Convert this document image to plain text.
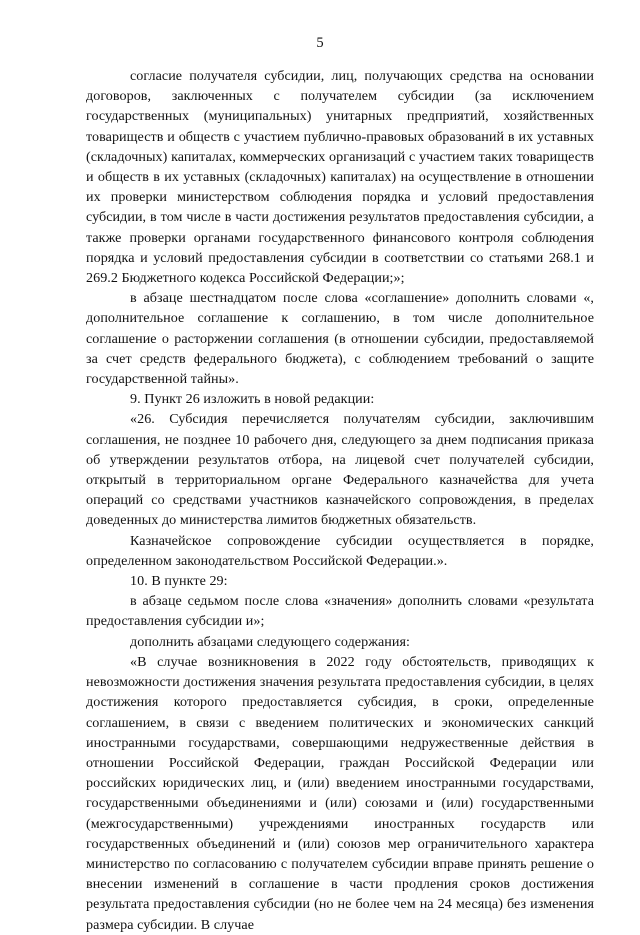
5

согласие получателя субсидии, лиц, получающих средства на основании договоров, заключенных с получателем субсидии (за исключением государственных (муниципальных) унитарных предприятий, хозяйственных товариществ и обществ с участием публично-правовых образований в их уставных (складочных) капиталах, коммерческих организаций с участием таких товариществ и обществ в их уставных (складочных) капиталах) на осуществление в отношении их проверки министерством соблюдения порядка и условий предоставления субсидии, в том числе в части достижения результатов предоставления субсидии, а также проверки органами государственного финансового контроля соблюдения порядка и условий предоставления субсидии в соответствии со статьями 268.1 и 269.2 Бюджетного кодекса Российской Федерации;»;

в абзаце шестнадцатом после слова «соглашение» дополнить словами «, дополнительное соглашение к соглашению, в том числе дополнительное соглашение о расторжении соглашения (в отношении субсидии, предоставляемой за счет средств федерального бюджета), с соблюдением требований о защите государственной тайны».

9. Пункт 26 изложить в новой редакции:

«26. Субсидия перечисляется получателям субсидии, заключившим соглашения, не позднее 10 рабочего дня, следующего за днем подписания приказа об утверждении результатов отбора, на лицевой счет получателей субсидии, открытый в территориальном органе Федерального казначейства для учета операций со средствами участников казначейского сопровождения, в пределах доведенных до министерства лимитов бюджетных обязательств.

Казначейское сопровождение субсидии осуществляется в порядке, определенном законодательством Российской Федерации.».

10. В пункте 29:

в абзаце седьмом после слова «значения» дополнить словами «результата предоставления субсидии и»;

дополнить абзацами следующего содержания:

«В случае возникновения в 2022 году обстоятельств, приводящих к невозможности достижения значения результата предоставления субсидии, в целях достижения которого предоставляется субсидия, в сроки, определенные соглашением, в связи с введением политических и экономических санкций иностранными государствами, совершающими недружественные действия в отношении Российской Федерации, граждан Российской Федерации или российских юридических лиц, и (или) введением иностранными государствами, государственными объединениями и (или) союзами и (или) государственными (межгосударственными) учреждениями иностранных государств или государственных объединений и (или) союзов мер ограничительного характера министерство по согласованию с получателем субсидии вправе принять решение о внесении изменений в соглашение в части продления сроков достижения результата предоставления субсидии (но не более чем на 24 месяца) без изменения размера субсидии. В случае
